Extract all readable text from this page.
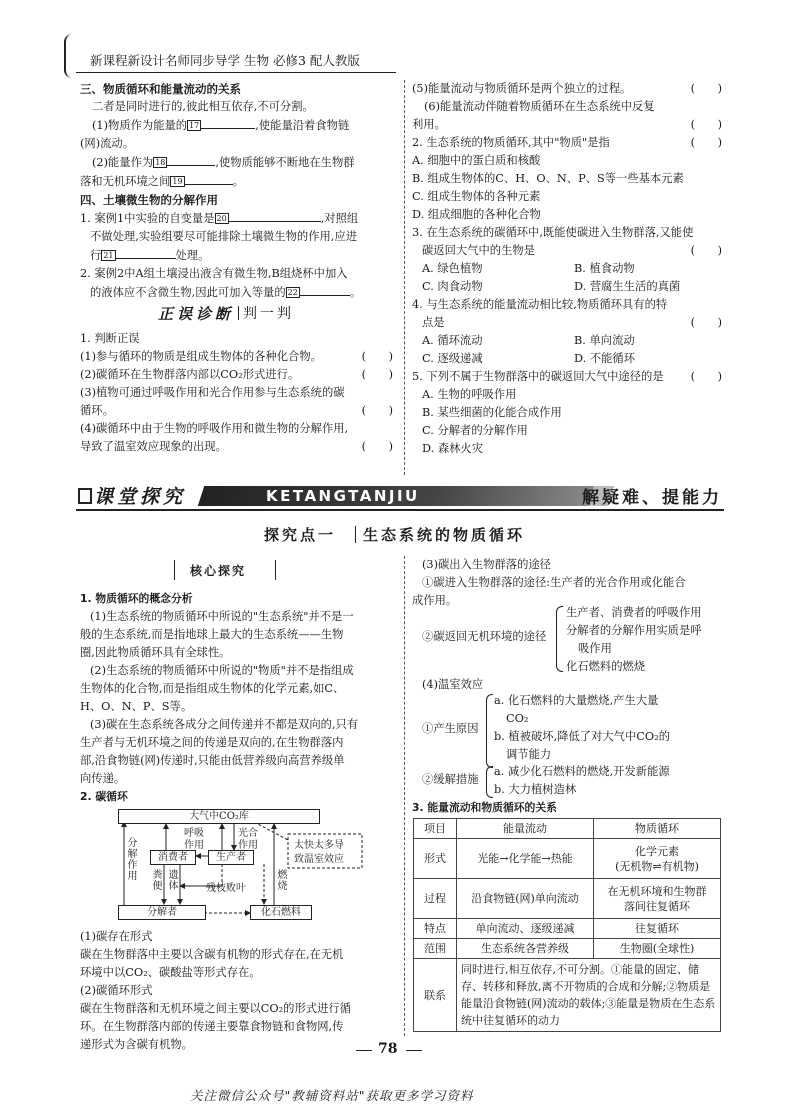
新课程新设计名师同步导学 生物 必修3 配人教版
三、物质循环和能量流动的关系
二者是同时进行的,彼此相互依存,不可分割。
(1)物质作为能量的 17	,使能量沿着食物链
(网)流动。
(2)能量作为 18	,使物质能够不断地在生物群
落和无机环境之间 19	。
四、土壤微生物的分解作用
1. 案例1中实验的自变量是 20	,对照组
不做处理,实验组要尽可能排除土壤微生物的作用,应进
行 21	处理。
2. 案例2中A组土壤浸出液含有微生物,B组烧杯中加入
的液体应不含微生物,因此可加入等量的 22	。
正误诊断 判一判
1. 判断正误
(1)参与循环的物质是组成生物体的各种化合物。	(　　)
(2)碳循环在生物群落内部以CO₂形式进行。	(　　)
(3)植物可通过呼吸作用和光合作用参与生态系统的碳
循环。	(　　)
(4)碳循环中由于生物的呼吸作用和微生物的分解作用,
导致了温室效应现象的出现。	(　　)
(5)能量流动与物质循环是两个独立的过程。	(　　)
(6)能量流动伴随着物质循环在生态系统中反复
利用。	(　　)
2. 生态系统的物质循环,其中"物质"是指	(　　)
A. 细胞中的蛋白质和核酸
B. 组成生物体的C、H、O、N、P、S等一些基本元素
C. 组成生物体的各种元素
D. 组成细胞的各种化合物
3. 在生态系统的碳循环中,既能使碳进入生物群落,又能使
碳返回大气中的生物是	(　　)
A. 绿色植物	B. 植食动物
C. 肉食动物	D. 营腐生生活的真菌
4. 与生态系统的能量流动相比较,物质循环具有的特
点是	(　　)
A. 循环流动	B. 单向流动
C. 逐级递减	D. 不能循环
5. 下列不属于生物群落中的碳返回大气中途径的是 (　　)
A. 生物的呼吸作用
B. 某些细菌的化能合成作用
C. 分解者的分解作用
D. 森林火灾
课堂探究	KETANGTANJIU	解疑难、提能力
探究点一 生态系统的物质循环
核心探究
1. 物质循环的概念分析
(1)生态系统的物质循环中所说的"生态系统"并不是一
般的生态系统,而是指地球上最大的生态系统——生物
圈,因此物质循环具有全球性。
(2)生态系统的物质循环中所说的"物质"并不是指组成
生物体的化合物,而是指组成生物体的化学元素,如C、
H、O、N、P、S等。
(3)碳在生态系统各成分之间传递并不都是双向的,只有
生产者与无机环境之间的传递是双向的,在生物群落内
部,沿食物链(网)传递时,只能由低营养级向高营养级单
向传递。
2. 碳循环
大气中CO₂库
消费者	生产者
分解者	化石燃料
太快太多导
致温室效应
呼吸
作用
光合
作用
分解作用	燃烧
粪便
遗体	残枝败叶
(1)碳存在形式
碳在生物群落中主要以含碳有机物的形式存在,在无机
环境中以CO₂、碳酸盐等形式存在。
(2)碳循环形式
碳在生物群落和无机环境之间主要以CO₂的形式进行循
环。在生物群落内部的传递主要靠食物链和食物网,传
递形式为含碳有机物。
(3)碳出入生物群落的途径
①碳进入生物群落的途径:生产者的光合作用或化能合
成作用。
②碳返回无机环境的途径
生产者、消费者的呼吸作用
分解者的分解作用实质是呼
吸作用
化石燃料的燃烧
(4)温室效应
①产生原因
a. 化石燃料的大量燃烧,产生大量
CO₂
b. 植被破坏,降低了对大气中CO₂的
调节能力
②缓解措施
a. 减少化石燃料的燃烧,开发新能源
b. 大力植树造林
3. 能量流动和物质循环的关系
项目	能量流动	物质循环
形式	光能→化学能→热能	化学元素
(无机物⇌有机物)
过程	沿食物链(网)单向流动	在无机环境和生物群
落间往复循环
特点	单向流动、逐级递减	往复循环
范围	生态系统各营养级	生物圈(全球性)
联系	同时进行,相互依存,不可分割。①能量的固定、储存、转移和释放,离不开物质的合成和分解;②物质是能量沿食物链(网)流动的载体;③能量是物质在生态系统中往复循环的动力	
78
关注微信公众号"教辅资料站"获取更多学习资料
